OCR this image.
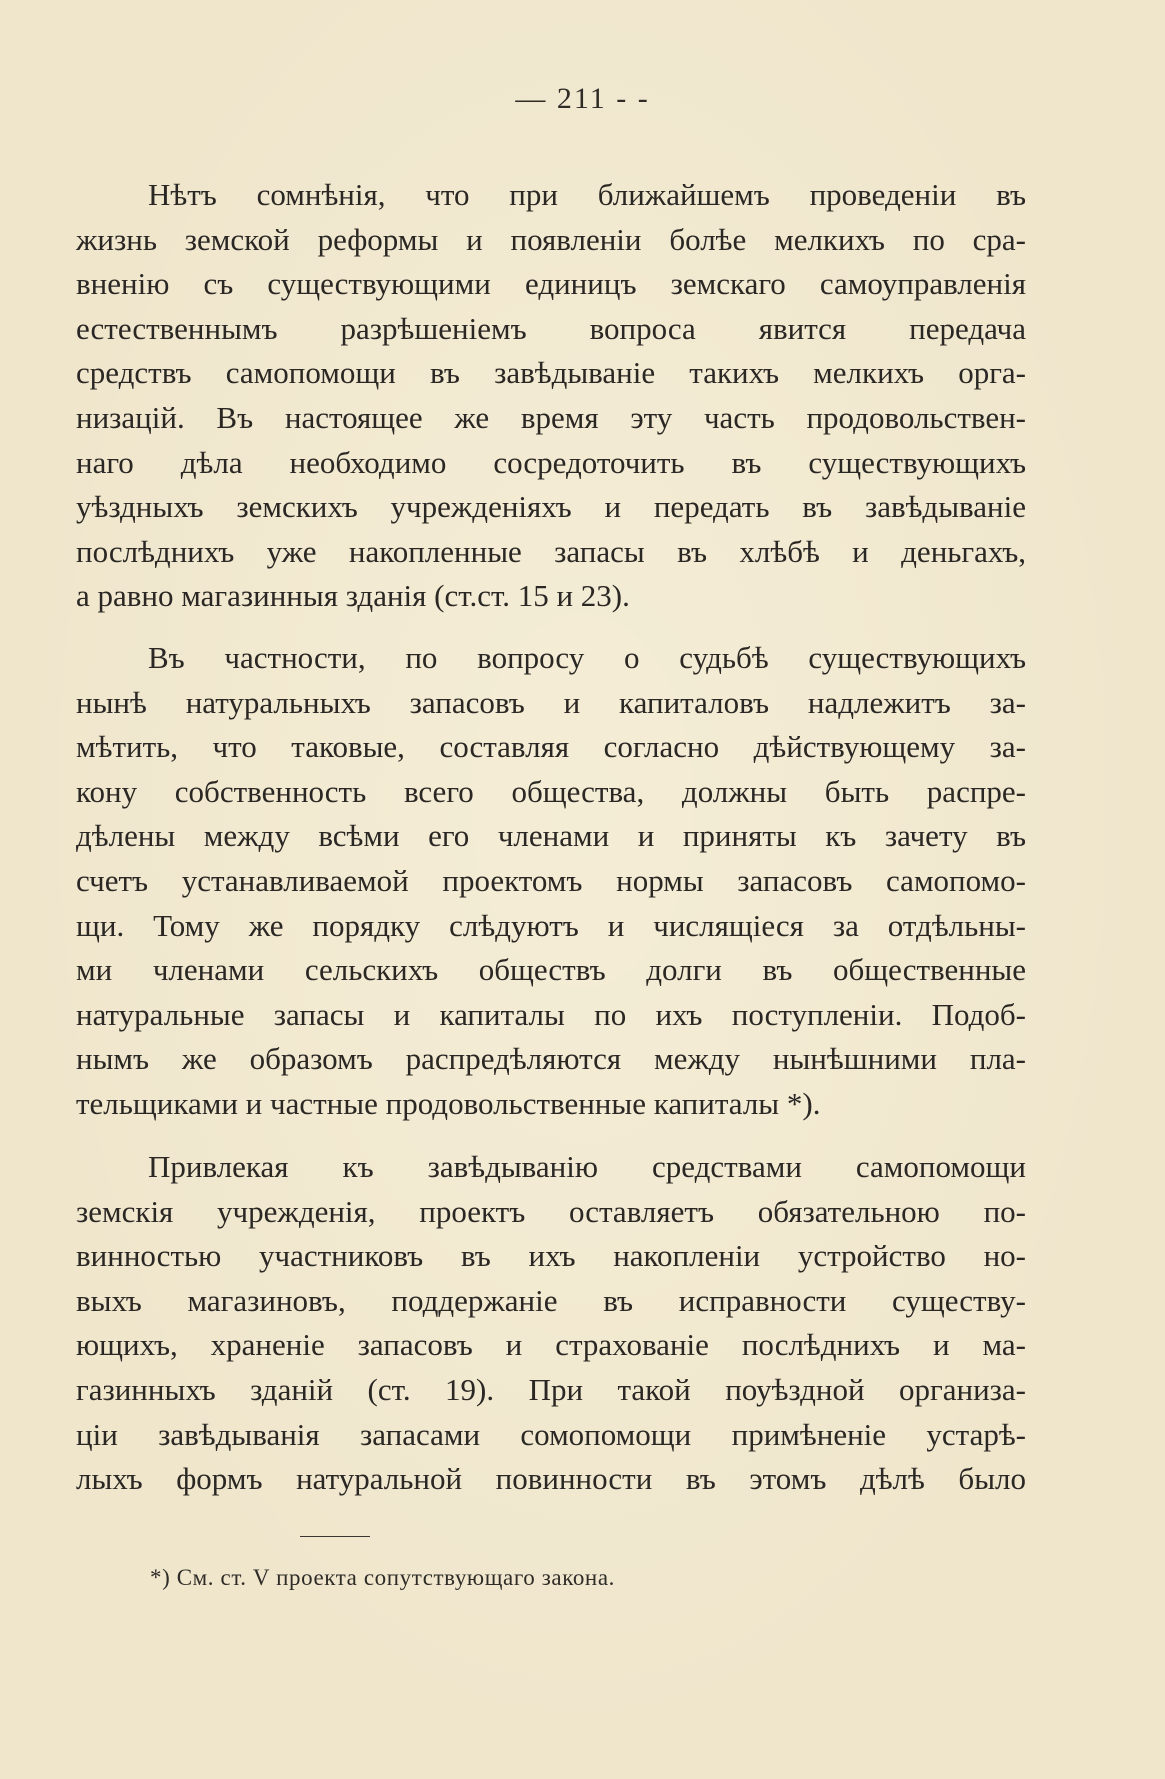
— 211 - -
Нѣтъ сомнѣнія, что при ближайшемъ проведеніи въ
жизнь земской реформы и появленіи болѣе мелкихъ по сра-
вненію съ существующими единицъ земскаго самоуправленія
естественнымъ разрѣшеніемъ вопроса явится передача
средствъ самопомощи въ завѣдываніе такихъ мелкихъ орга-
низацій. Въ настоящее же время эту часть продовольствен-
наго дѣла необходимо сосредоточить въ существующихъ
уѣздныхъ земскихъ учрежденіяхъ и передать въ завѣдываніе
послѣднихъ уже накопленные запасы въ хлѣбѣ и деньгахъ,
а равно магазинныя зданія (ст.ст. 15 и 23).
Въ частности, по вопросу о судьбѣ существующихъ
нынѣ натуральныхъ запасовъ и капиталовъ надлежитъ за-
мѣтить, что таковые, составляя согласно дѣйствующему за-
кону собственность всего общества, должны быть распре-
дѣлены между всѣми его членами и приняты къ зачету въ
счетъ устанавливаемой проектомъ нормы запасовъ самопомо-
щи. Тому же порядку слѣдуютъ и числящіеся за отдѣльны-
ми членами сельскихъ обществъ долги въ общественные
натуральные запасы и капиталы по ихъ поступленіи. Подоб-
нымъ же образомъ распредѣляются между нынѣшними пла-
тельщиками и частные продовольственные капиталы *).
Привлекая къ завѣдыванію средствами самопомощи
земскія учрежденія, проектъ оставляетъ обязательною по-
винностью участниковъ въ ихъ накопленіи устройство но-
выхъ магазиновъ, поддержаніе въ исправности существу-
ющихъ, храненіе запасовъ и страхованіе послѣднихъ и ма-
газинныхъ зданій (ст. 19). При такой поуѣздной организа-
ціи завѣдыванія запасами сомопомощи примѣненіе устарѣ-
лыхъ формъ натуральной повинности въ этомъ дѣлѣ было
*) См. ст. V проекта сопутствующаго закона.
